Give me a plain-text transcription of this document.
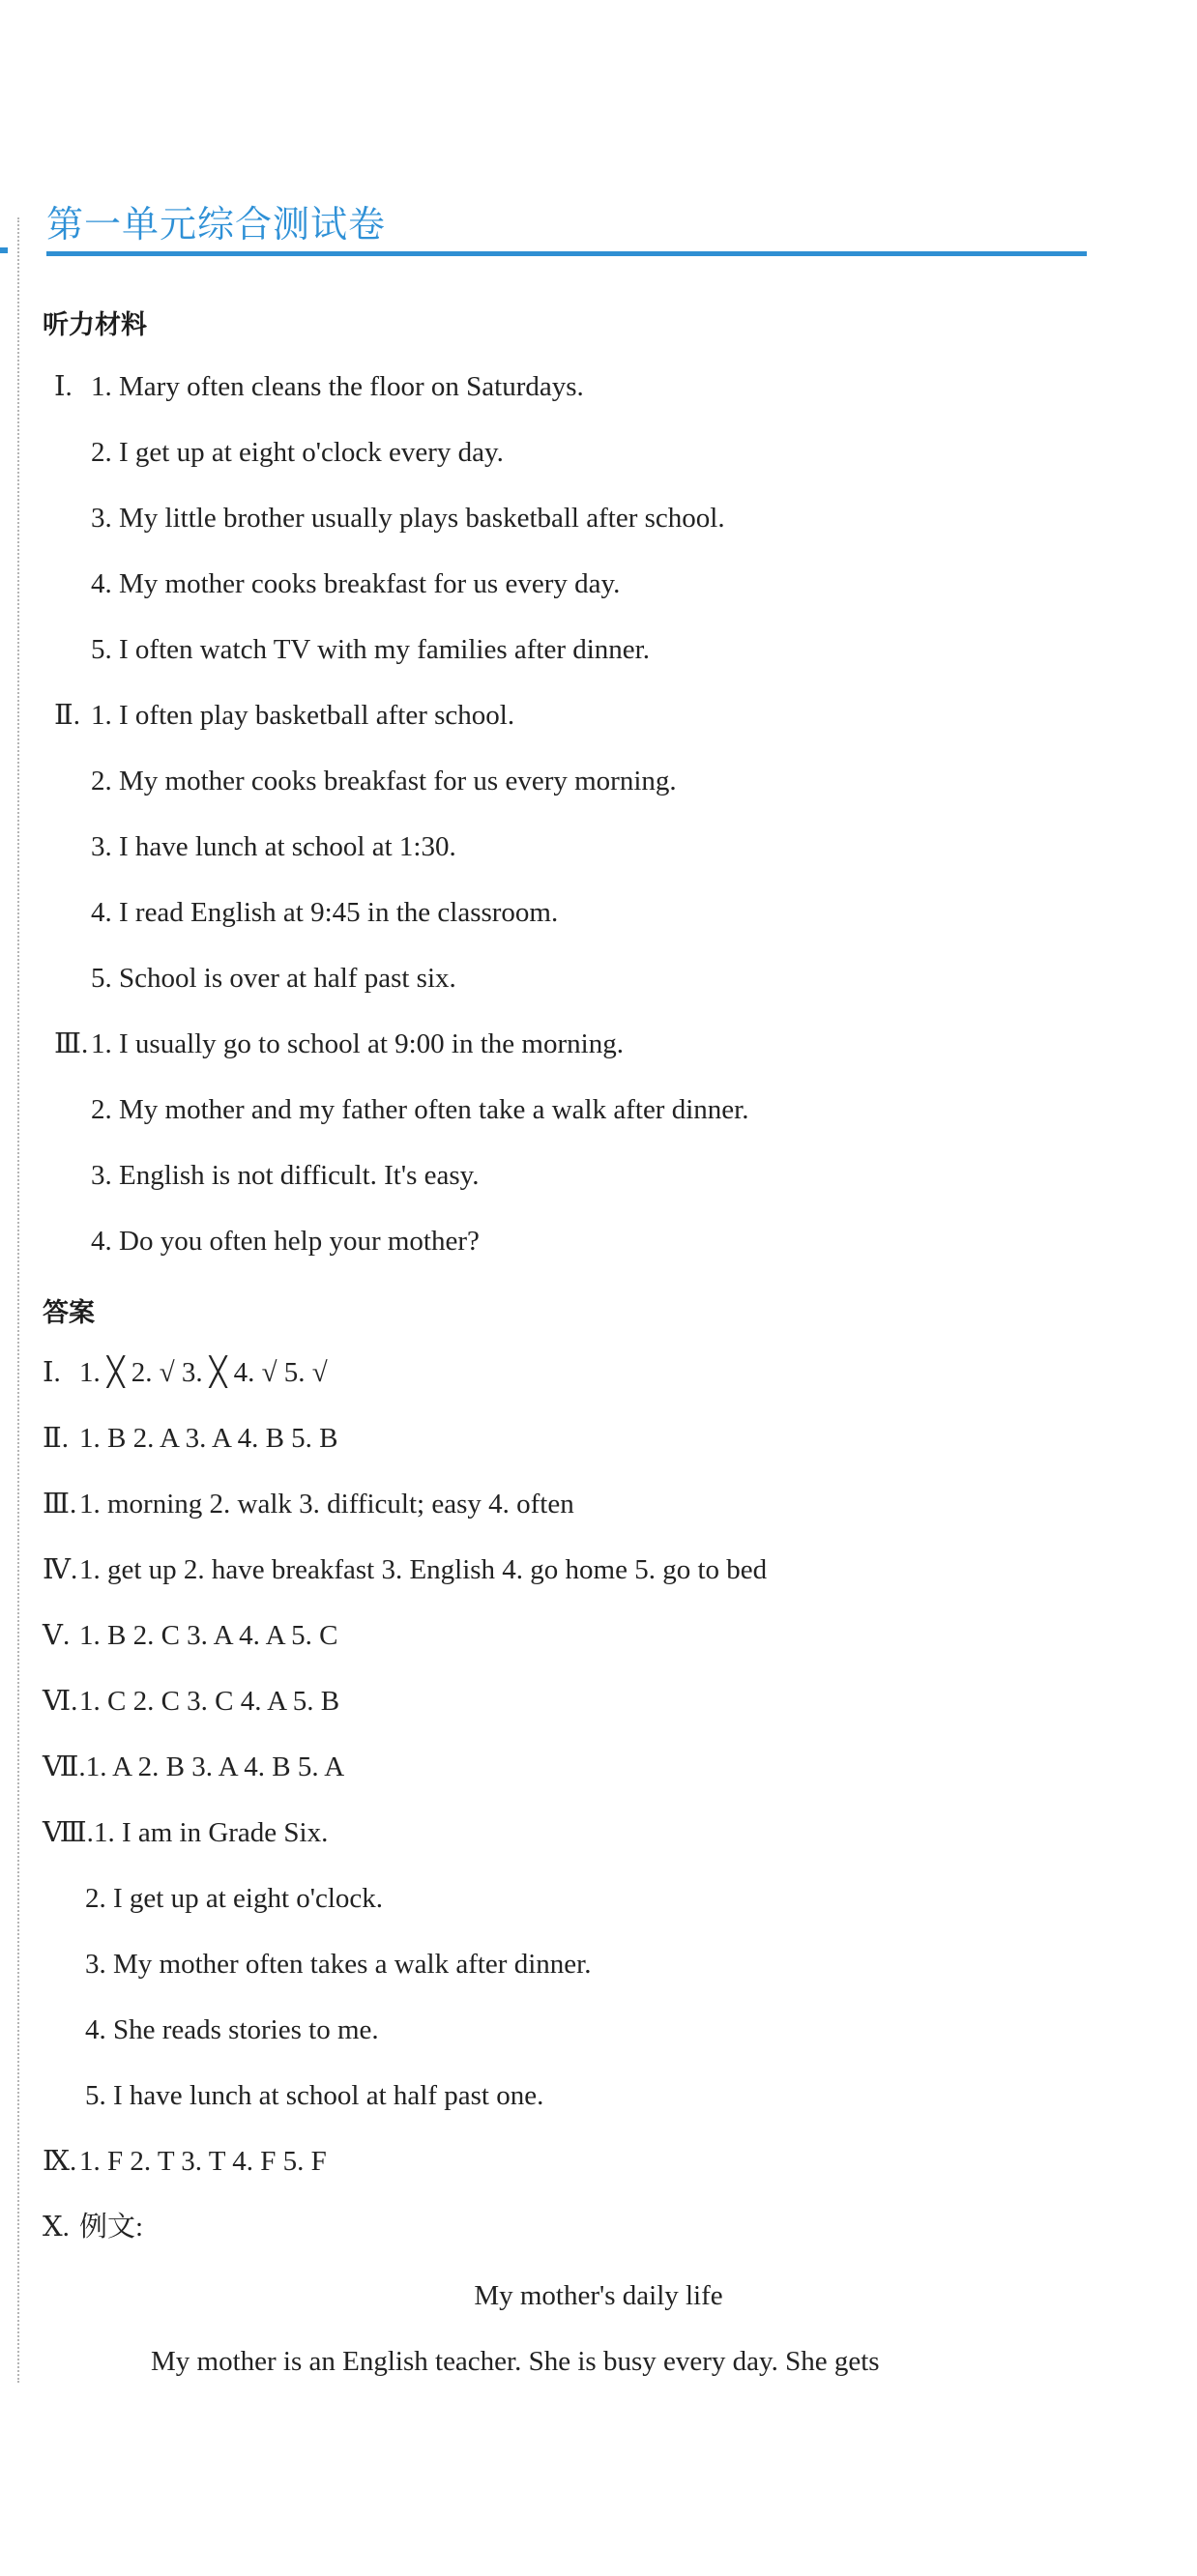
第一单元综合测试卷
听力材料
Ⅰ. 1. Mary often cleans the floor on Saturdays.
2. I get up at eight o'clock every day.
3. My little brother usually plays basketball after school.
4. My mother cooks breakfast for us every day.
5. I often watch TV with my families after dinner.
Ⅱ. 1. I often play basketball after school.
2. My mother cooks breakfast for us every morning.
3. I have lunch at school at 1:30.
4. I read English at 9:45 in the classroom.
5. School is over at half past six.
Ⅲ.1. I usually go to school at 9:00 in the morning.
2. My mother and my father often take a walk after dinner.
3. English is not difficult. It's easy.
4. Do you often help your mother?
答案
Ⅰ. 1. ╳ 2. √ 3. ╳ 4. √ 5. √
Ⅱ. 1. B 2. A 3. A 4. B 5. B
Ⅲ.1. morning 2. walk 3. difficult; easy 4. often
Ⅳ.1. get up 2. have breakfast 3. English 4. go home 5. go to bed
Ⅴ. 1. B 2. C 3. A 4. A 5. C
Ⅵ.1. C 2. C 3. C 4. A 5. B
Ⅶ.1. A 2. B 3. A 4. B 5. A
Ⅷ.1. I am in Grade Six.
2. I get up at eight o'clock.
3. My mother often takes a walk after dinner.
4. She reads stories to me.
5. I have lunch at school at half past one.
Ⅸ.1. F 2. T 3. T 4. F 5. F
Ⅹ. 例文:
My mother's daily life
My mother is an English teacher. She is busy every day. She gets
